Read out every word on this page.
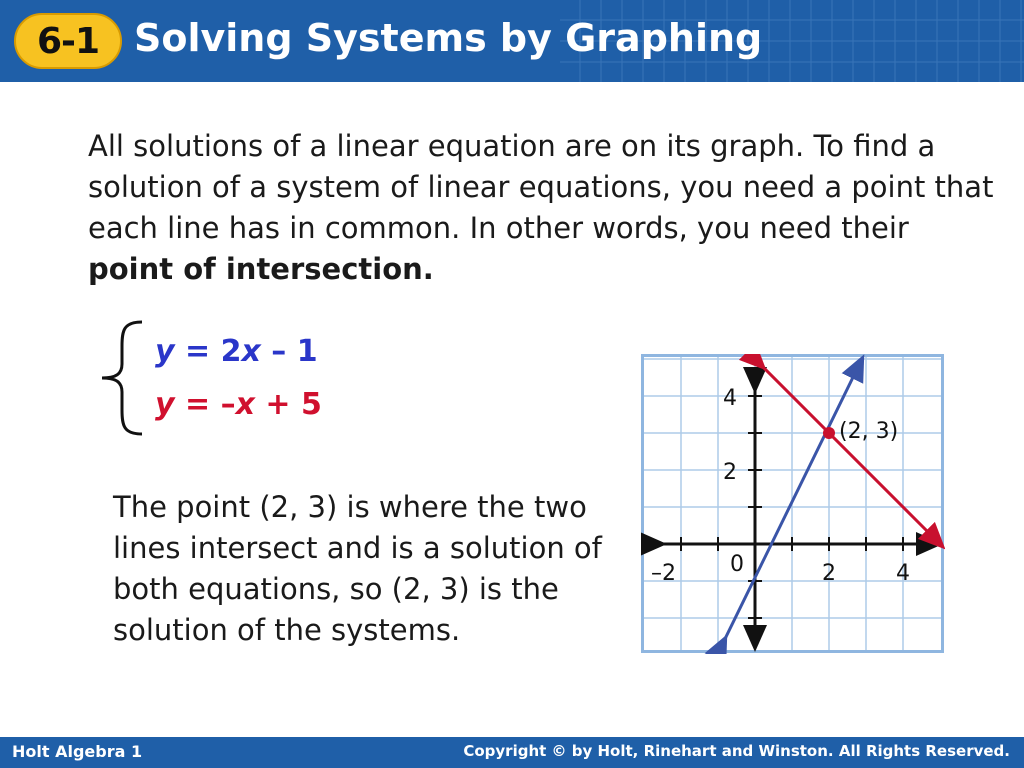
6-1 Solving Systems by Graphing
All solutions of a linear equation are on its graph. To find a solution of a system of linear equations, you need a point that each line has in common. In other words, you need their point of intersection.
y = 2x – 1
y = –x + 5
The point (2, 3) is where the two lines intersect and is a solution of both equations, so (2, 3) is the solution of the systems.
4
2
–2 0	2	4
(2, 3)
Holt Algebra 1	Copyright © by Holt, Rinehart and Winston. All Rights Reserved.
